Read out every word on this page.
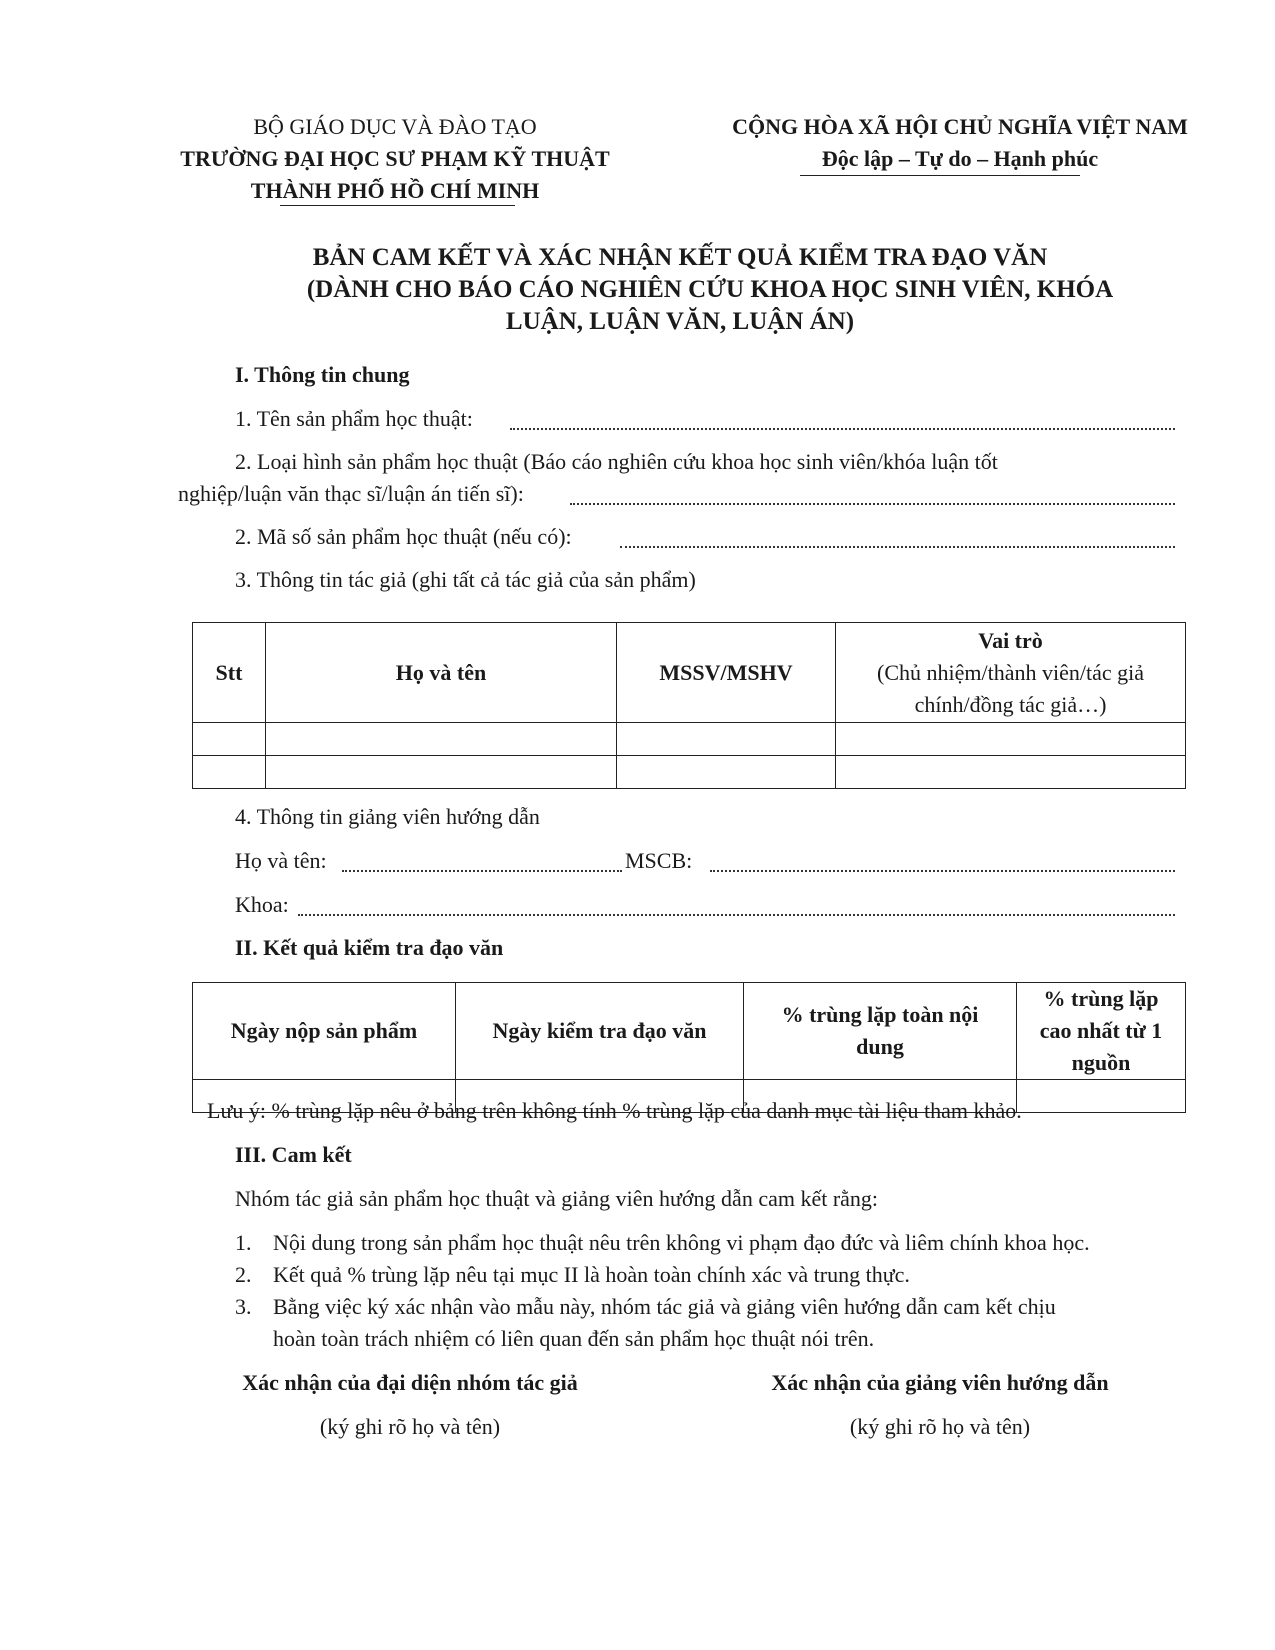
BỘ GIÁO DỤC VÀ ĐÀO TẠO
TRƯỜNG ĐẠI HỌC SƯ PHẠM KỸ THUẬT
THÀNH PHỐ HỒ CHÍ MINH
CỘNG HÒA XÃ HỘI CHỦ NGHĨA VIỆT NAM
Độc lập – Tự do – Hạnh phúc
BẢN CAM KẾT VÀ XÁC NHẬN KẾT QUẢ KIỂM TRA ĐẠO VĂN
(DÀNH CHO BÁO CÁO NGHIÊN CỨU KHOA HỌC SINH VIÊN, KHÓA
LUẬN, LUẬN VĂN, LUẬN ÁN)
I. Thông tin chung
1. Tên sản phẩm học thuật:
2. Loại hình sản phẩm học thuật (Báo cáo nghiên cứu khoa học sinh viên/khóa luận tốt
nghiệp/luận văn thạc sĩ/luận án tiến sĩ):
2. Mã số sản phẩm học thuật (nếu có):
3. Thông tin tác giả (ghi tất cả tác giả của sản phẩm)
Stt	Họ và tên	MSSV/MSHV	Vai trò
(Chủ nhiệm/thành viên/tác giả chính/đồng tác giả…)

4. Thông tin giảng viên hướng dẫn
Họ và tên:	MSCB:
Khoa:
II. Kết quả kiểm tra đạo văn
Ngày nộp sản phẩm	Ngày kiểm tra đạo văn	% trùng lặp toàn nội dung	% trùng lặp cao nhất từ 1 nguồn

Lưu ý: % trùng lặp nêu ở bảng trên không tính % trùng lặp của danh mục tài liệu tham khảo.
III. Cam kết
Nhóm tác giả sản phẩm học thuật và giảng viên hướng dẫn cam kết rằng:
1. Nội dung trong sản phẩm học thuật nêu trên không vi phạm đạo đức và liêm chính khoa học.
2. Kết quả % trùng lặp nêu tại mục II là hoàn toàn chính xác và trung thực.
3. Bằng việc ký xác nhận vào mẫu này, nhóm tác giả và giảng viên hướng dẫn cam kết chịu
hoàn toàn trách nhiệm có liên quan đến sản phẩm học thuật nói trên.
Xác nhận của đại diện nhóm tác giả
(ký ghi rõ họ và tên)
Xác nhận của giảng viên hướng dẫn
(ký ghi rõ họ và tên)
